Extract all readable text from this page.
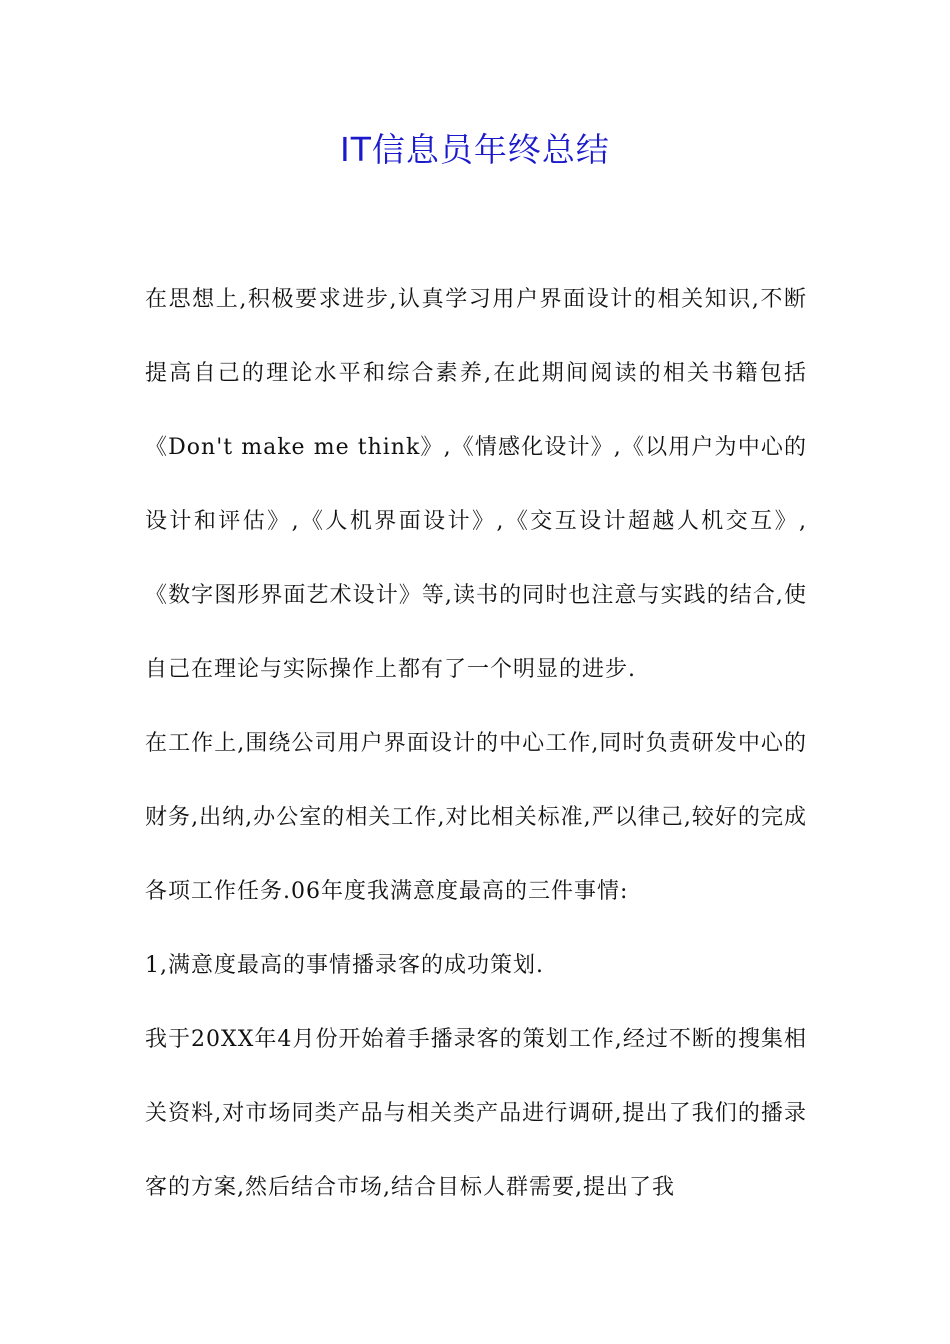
IT信息员年终总结

在思想上,积极要求进步,认真学习用户界面设计的相关知识,不断提高自己的理论水平和综合素养,在此期间阅读的相关书籍包括《Don't make me think》,《情感化设计》,《以用户为中心的设计和评估》,《人机界面设计》,《交互设计超越人机交互》,《数字图形界面艺术设计》等,读书的同时也注意与实践的结合,使自己在理论与实际操作上都有了一个明显的进步.

在工作上,围绕公司用户界面设计的中心工作,同时负责研发中心的财务,出纳,办公室的相关工作,对比相关标准,严以律己,较好的完成各项工作任务.06年度我满意度最高的三件事情:

1,满意度最高的事情播录客的成功策划.

我于20XX年4月份开始着手播录客的策划工作,经过不断的搜集相关资料,对市场同类产品与相关类产品进行调研,提出了我们的播录客的方案,然后结合市场,结合目标人群需要,提出了我
